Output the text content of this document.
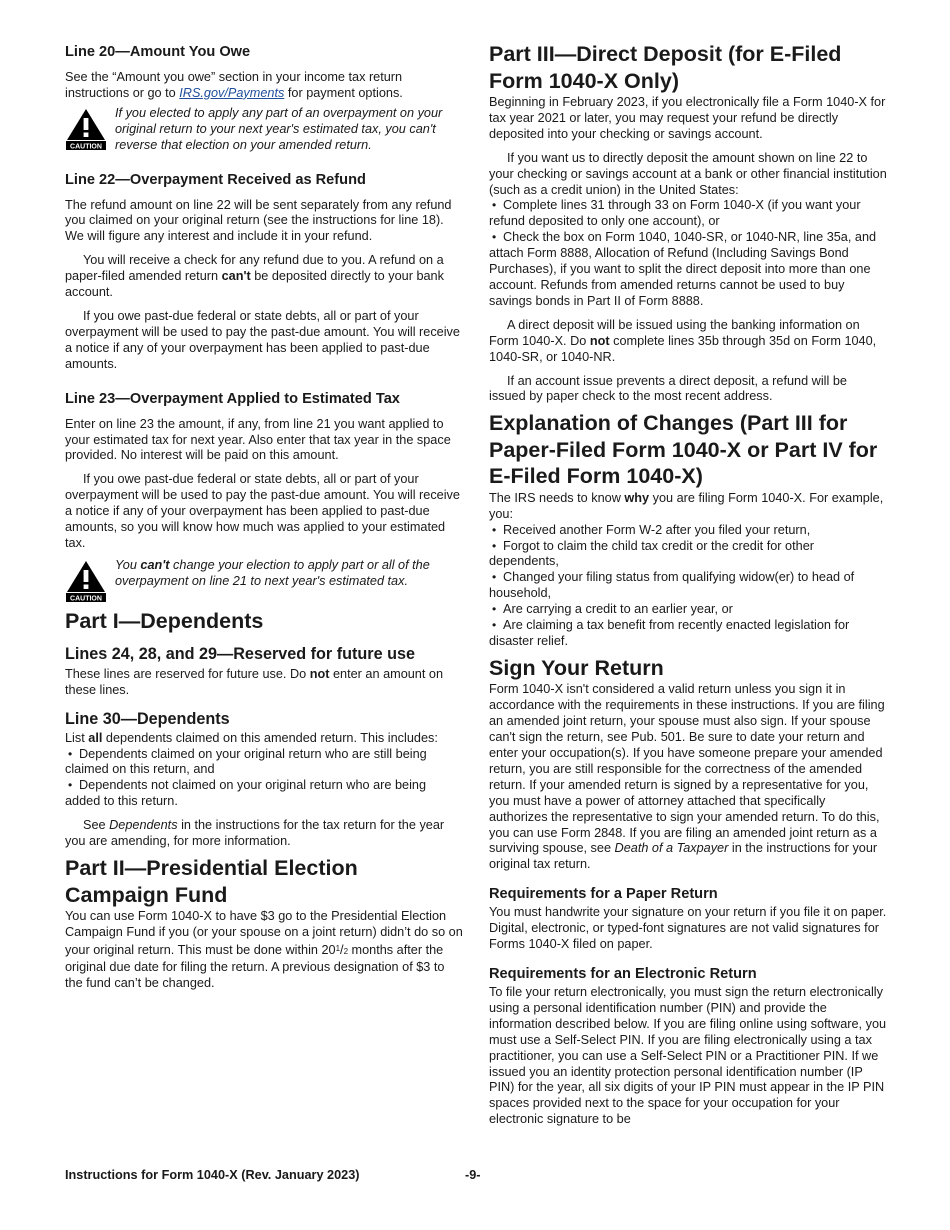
Line 20—Amount You Owe

See the “Amount you owe” section in your income tax return instructions or go to IRS.gov/Payments for payment options.

CAUTION
If you elected to apply any part of an overpayment on your original return to your next year's estimated tax, you can't reverse that election on your amended return.
Line 22—Overpayment Received as Refund

The refund amount on line 22 will be sent separately from any refund you claimed on your original return (see the instructions for line 18). We will figure any interest and include it in your refund.

You will receive a check for any refund due to you. A refund on a paper-filed amended return can't be deposited directly to your bank account.

If you owe past-due federal or state debts, all or part of your overpayment will be used to pay the past-due amount. You will receive a notice if any of your overpayment has been applied to past-due amounts.

Line 23—Overpayment Applied to Estimated Tax

Enter on line 23 the amount, if any, from line 21 you want applied to your estimated tax for next year. Also enter that tax year in the space provided. No interest will be paid on this amount.

If you owe past-due federal or state debts, all or part of your overpayment will be used to pay the past-due amount. You will receive a notice if any of your overpayment has been applied to past-due amounts, so you will know how much was applied to your estimated tax.

CAUTION
You can't change your election to apply part or all of the overpayment on line 21 to next year's estimated tax.
Part I—Dependents
Lines 24, 28, and 29—Reserved for future use

These lines are reserved for future use. Do not enter an amount on these lines.

Line 30—Dependents

List all dependents claimed on this amended return. This includes:

• Dependents claimed on your original return who are still being claimed on this return, and

• Dependents not claimed on your original return who are being added to this return.

See Dependents in the instructions for the tax return for the year you are amending, for more information.

Part II—Presidential Election
Campaign Fund

You can use Form 1040-X to have $3 go to the Presidential Election Campaign Fund if you (or your spouse on a joint return) didn’t do so on your original return. This must be done within $20^1/2$ months after the original due date for filing the return. A previous designation of $3 to the fund can’t be changed.

Part III—Direct Deposit (for E-Filed
Form 1040-X Only)

Beginning in February 2023, if you electronically file a Form 1040-X for tax year 2021 or later, you may request your refund be directly deposited into your checking or savings account.

If you want us to directly deposit the amount shown on line 22 to your checking or savings account at a bank or other financial institution (such as a credit union) in the United States:

• Complete lines 31 through 33 on Form 1040-X (if you want your refund deposited to only one account), or

• Check the box on Form 1040, 1040-SR, or 1040-NR, line 35a, and attach Form 8888, Allocation of Refund (Including Savings Bond Purchases), if you want to split the direct deposit into more than one account. Refunds from amended returns cannot be used to buy savings bonds in Part II of Form 8888.

A direct deposit will be issued using the banking information on Form 1040-X. Do not complete lines 35b through 35d on Form 1040, 1040-SR, or 1040-NR.

If an account issue prevents a direct deposit, a refund will be issued by paper check to the most recent address.

Explanation of Changes (Part III for
Paper-Filed Form 1040-X or Part IV for
E-Filed Form 1040-X)

The IRS needs to know why you are filing Form 1040-X. For example, you:

• Received another Form W-2 after you filed your return,

• Forgot to claim the child tax credit or the credit for other dependents,

• Changed your filing status from qualifying widow(er) to head of household,

• Are carrying a credit to an earlier year, or

• Are claiming a tax benefit from recently enacted legislation for disaster relief.

Sign Your Return

Form 1040-X isn't considered a valid return unless you sign it in accordance with the requirements in these instructions. If you are filing an amended joint return, your spouse must also sign. If your spouse can't sign the return, see Pub. 501. Be sure to date your return and enter your occupation(s). If you have someone prepare your amended return, you are still responsible for the correctness of the amended return. If your amended return is signed by a representative for you, you must have a power of attorney attached that specifically authorizes the representative to sign your amended return. To do this, you can use Form 2848. If you are filing an amended joint return as a surviving spouse, see Death of a Taxpayer in the instructions for your original tax return.

Requirements for a Paper Return

You must handwrite your signature on your return if you file it on paper. Digital, electronic, or typed-font signatures are not valid signatures for Forms 1040-X filed on paper.

Requirements for an Electronic Return

To file your return electronically, you must sign the return electronically using a personal identification number (PIN) and provide the information described below. If you are filing online using software, you must use a Self-Select PIN. If you are filing electronically using a tax practitioner, you can use a Self-Select PIN or a Practitioner PIN. If we issued you an identity protection personal identification number (IP PIN) for the year, all six digits of your IP PIN must appear in the IP PIN spaces provided next to the space for your occupation for your electronic signature to be

Instructions for Form 1040-X (Rev. January 2023)	-9-
